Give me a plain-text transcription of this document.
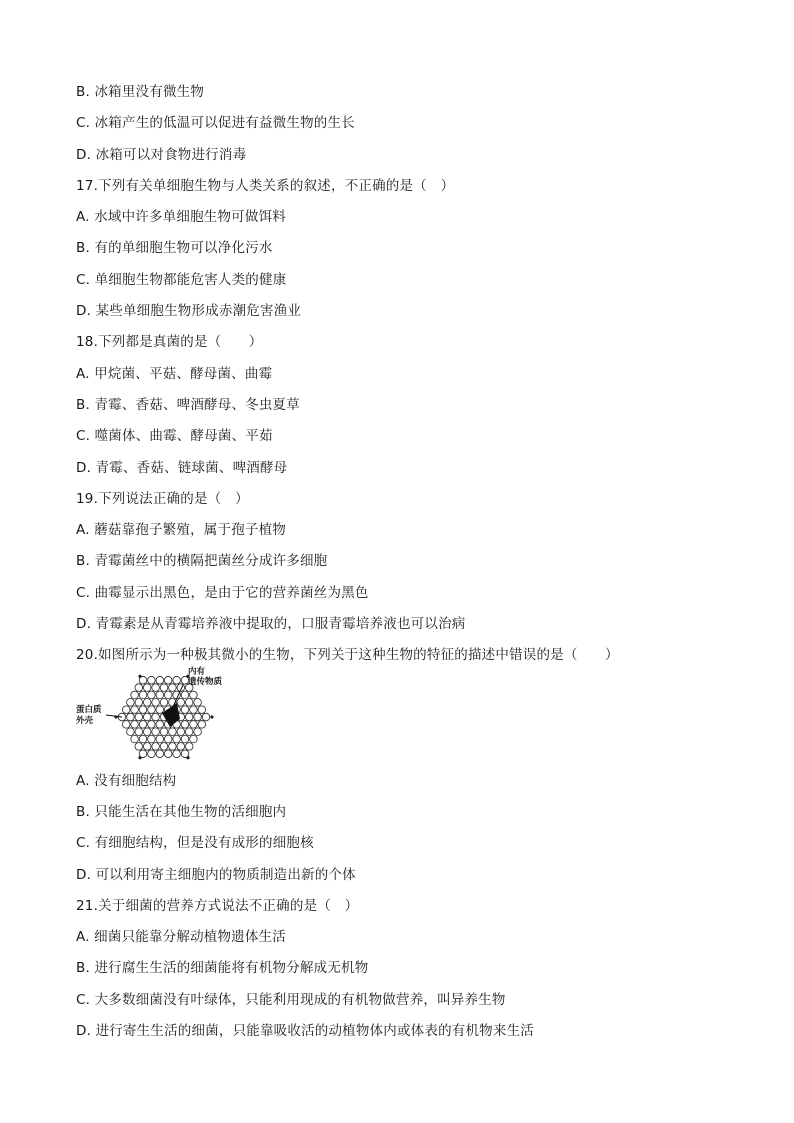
B. 冰箱里没有微生物
C. 冰箱产生的低温可以促进有益微生物的生长
D. 冰箱可以对食物进行消毒
17.下列有关单细胞生物与人类关系的叙述，不正确的是（　）
A. 水域中许多单细胞生物可做饵料
B. 有的单细胞生物可以净化污水
C. 单细胞生物都能危害人类的健康
D. 某些单细胞生物形成赤潮危害渔业
18.下列都是真菌的是（　　）
A. 甲烷菌、平菇、酵母菌、曲霉
B. 青霉、香菇、啤酒酵母、冬虫夏草
C. 噬菌体、曲霉、酵母菌、平茹
D. 青霉、香菇、链球菌、啤酒酵母
19.下列说法正确的是（　）
A. 蘑菇靠孢子繁殖，属于孢子植物
B. 青霉菌丝中的横隔把菌丝分成许多细胞
C. 曲霉显示出黑色，是由于它的营养菌丝为黑色
D. 青霉素是从青霉培养液中提取的，口服青霉培养液也可以治病
20.如图所示为一种极其微小的生物，下列关于这种生物的特征的描述中错误的是（　　）
内有
遗传物质
蛋白质
外壳
A. 没有细胞结构
B. 只能生活在其他生物的活细胞内
C. 有细胞结构，但是没有成形的细胞核
D. 可以利用寄主细胞内的物质制造出新的个体
21.关于细菌的营养方式说法不正确的是（　）
A. 细菌只能靠分解动植物遗体生活
B. 进行腐生生活的细菌能将有机物分解成无机物
C. 大多数细菌没有叶绿体，只能利用现成的有机物做营养，叫异养生物
D. 进行寄生生活的细菌，只能靠吸收活的动植物体内或体表的有机物来生活
